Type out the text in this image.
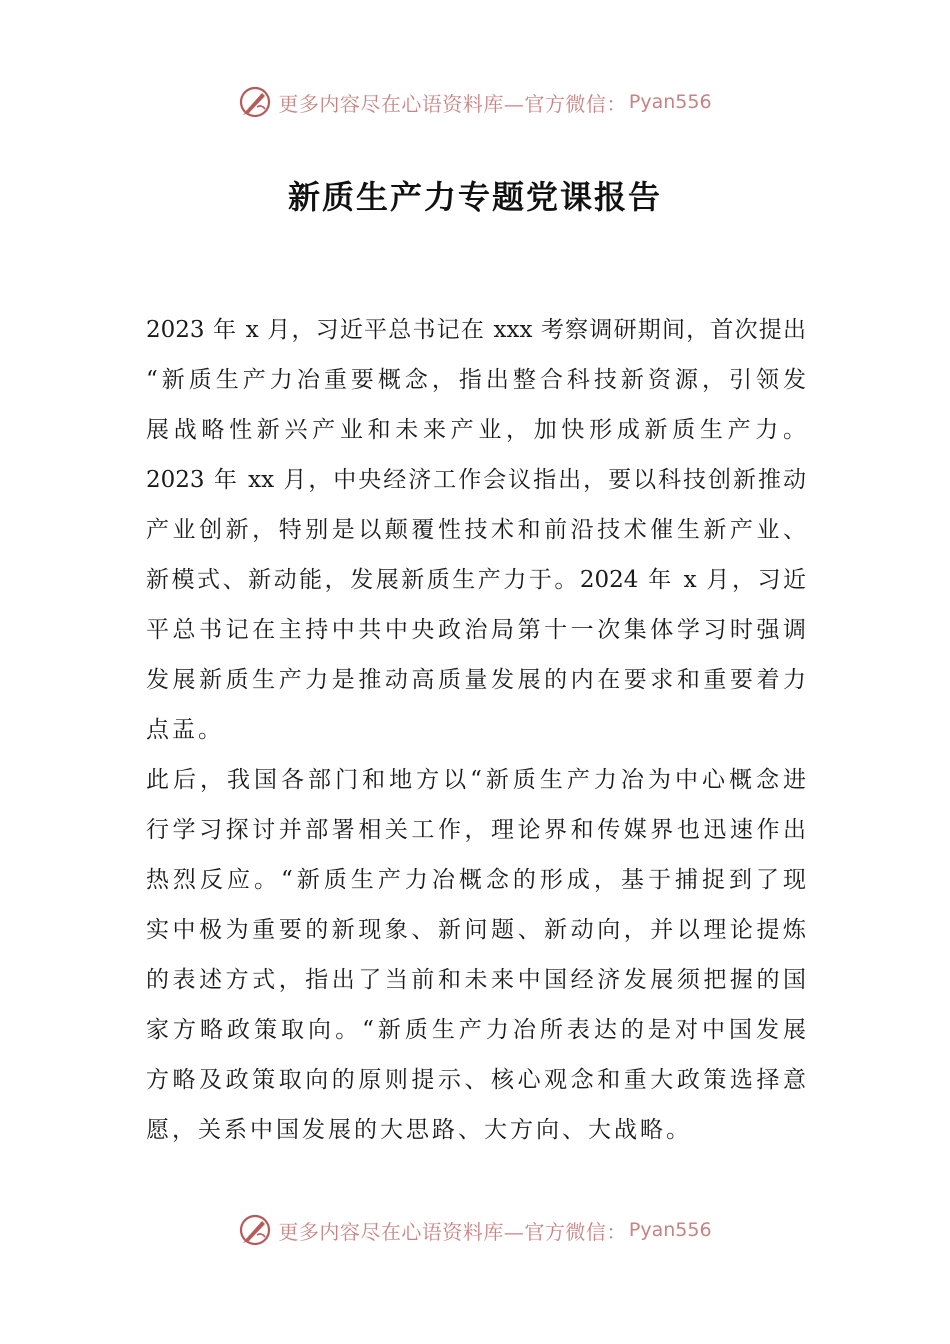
更多内容尽在心语资料库—官方微信： Pyan556
新质生产力专题党课报告
2023 年 x 月，习近平总书记在 xxx 考察调研期间，首次提出
“新质生产力冶重要概念，指出整合科技新资源，引领发
展战略性新兴产业和未来产业，加快形成新质生产力。
2023 年 xx 月，中央经济工作会议指出，要以科技创新推动
产业创新，特别是以颠覆性技术和前沿技术催生新产业、
新模式、新动能，发展新质生产力于。2024 年 x 月，习近
平总书记在主持中共中央政治局第十一次集体学习时强调
发展新质生产力是推动高质量发展的内在要求和重要着力
点盂。
此后，我国各部门和地方以“新质生产力冶为中心概念进
行学习探讨并部署相关工作，理论界和传媒界也迅速作出
热烈反应。“新质生产力冶概念的形成，基于捕捉到了现
实中极为重要的新现象、新问题、新动向，并以理论提炼
的表述方式，指出了当前和未来中国经济发展须把握的国
家方略政策取向。“新质生产力冶所表达的是对中国发展
方略及政策取向的原则提示、核心观念和重大政策选择意
愿，关系中国发展的大思路、大方向、大战略。
更多内容尽在心语资料库—官方微信： Pyan556
